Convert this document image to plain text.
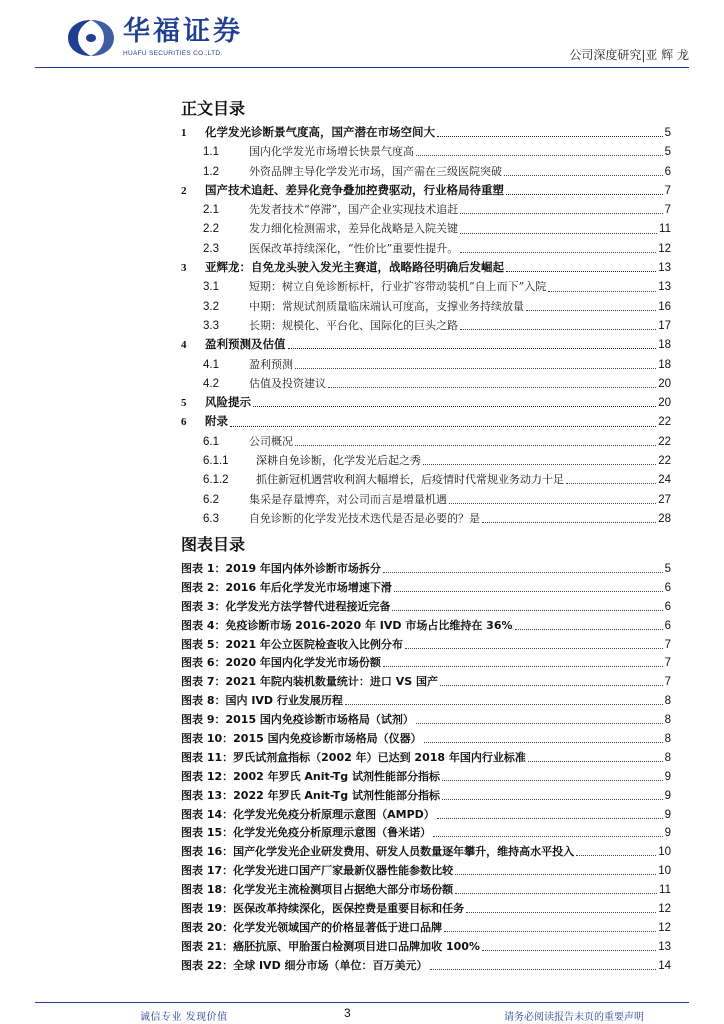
华福证券
HUAFU SECURITIES CO.,LTD.	公司深度研究|亚 辉 龙
正文目录
1	化学发光诊断景气度高，国产潜在市场空间大	5
1.1	国内化学发光市场增长快景气度高	5
1.2	外资品牌主导化学发光市场，国产需在三级医院突破	6
2	国产技术追赶、差异化竞争叠加控费驱动，行业格局待重塑	7
2.1	先发者技术“停滞”，国产企业实现技术追赶	7
2.2	发力细化检测需求，差异化战略是入院关键	11
2.3	医保改革持续深化，“性价比”重要性提升。	12
3	亚辉龙：自免龙头驶入发光主赛道，战略路径明确后发崛起	13
3.1	短期：树立自免诊断标杆，行业扩容带动装机“自上而下”入院	13
3.2	中期：常规试剂质量临床端认可度高，支撑业务持续放量	16
3.3	长期：规模化、平台化、国际化的巨头之路	17
4	盈利预测及估值	18
4.1	盈利预测	18
4.2	估值及投资建议	20
5	风险提示	20
6	附录	22
6.1	公司概况	22
6.1.1	深耕自免诊断，化学发光后起之秀	22
6.1.2	抓住新冠机遇营收利润大幅增长，后疫情时代常规业务动力十足	24
6.2	集采是存量博弈，对公司而言是增量机遇	27
6.3	自免诊断的化学发光技术迭代是否是必要的？是	28
图表目录
图表 1：2019 年国内体外诊断市场拆分	5
图表 2：2016 年后化学发光市场增速下滑	6
图表 3：化学发光方法学替代进程接近完备	6
图表 4：免疫诊断市场 2016-2020 年 IVD 市场占比维持在 36%	6
图表 5：2021 年公立医院检查收入比例分布	7
图表 6：2020 年国内化学发光市场份额	7
图表 7：2021 年院内装机数量统计：进口 VS 国产	7
图表 8：国内 IVD 行业发展历程	8
图表 9：2015 国内免疫诊断市场格局（试剂）	8
图表 10：2015 国内免疫诊断市场格局（仪器）	8
图表 11：罗氏试剂盒指标（2002 年）已达到 2018 年国内行业标准	8
图表 12：2002 年罗氏 Anit-Tg 试剂性能部分指标	9
图表 13：2022 年罗氏 Anit-Tg 试剂性能部分指标	9
图表 14：化学发光免疫分析原理示意图（AMPD）	9
图表 15：化学发光免疫分析原理示意图（鲁米诺）	9
图表 16：国产化学发光企业研发费用、研发人员数量逐年攀升，维持高水平投入	10
图表 17：化学发光进口国产厂家最新仪器性能参数比较	10
图表 18：化学发光主流检测项目占据绝大部分市场份额	11
图表 19：医保改革持续深化，医保控费是重要目标和任务	12
图表 20：化学发光领域国产的价格显著低于进口品牌	12
图表 21：癌胚抗原、甲胎蛋白检测项目进口品牌加收 100%	13
图表 22：全球 IVD 细分市场（单位：百万美元）	14
诚信专业 发现价值	3	请务必阅读报告末页的重要声明
